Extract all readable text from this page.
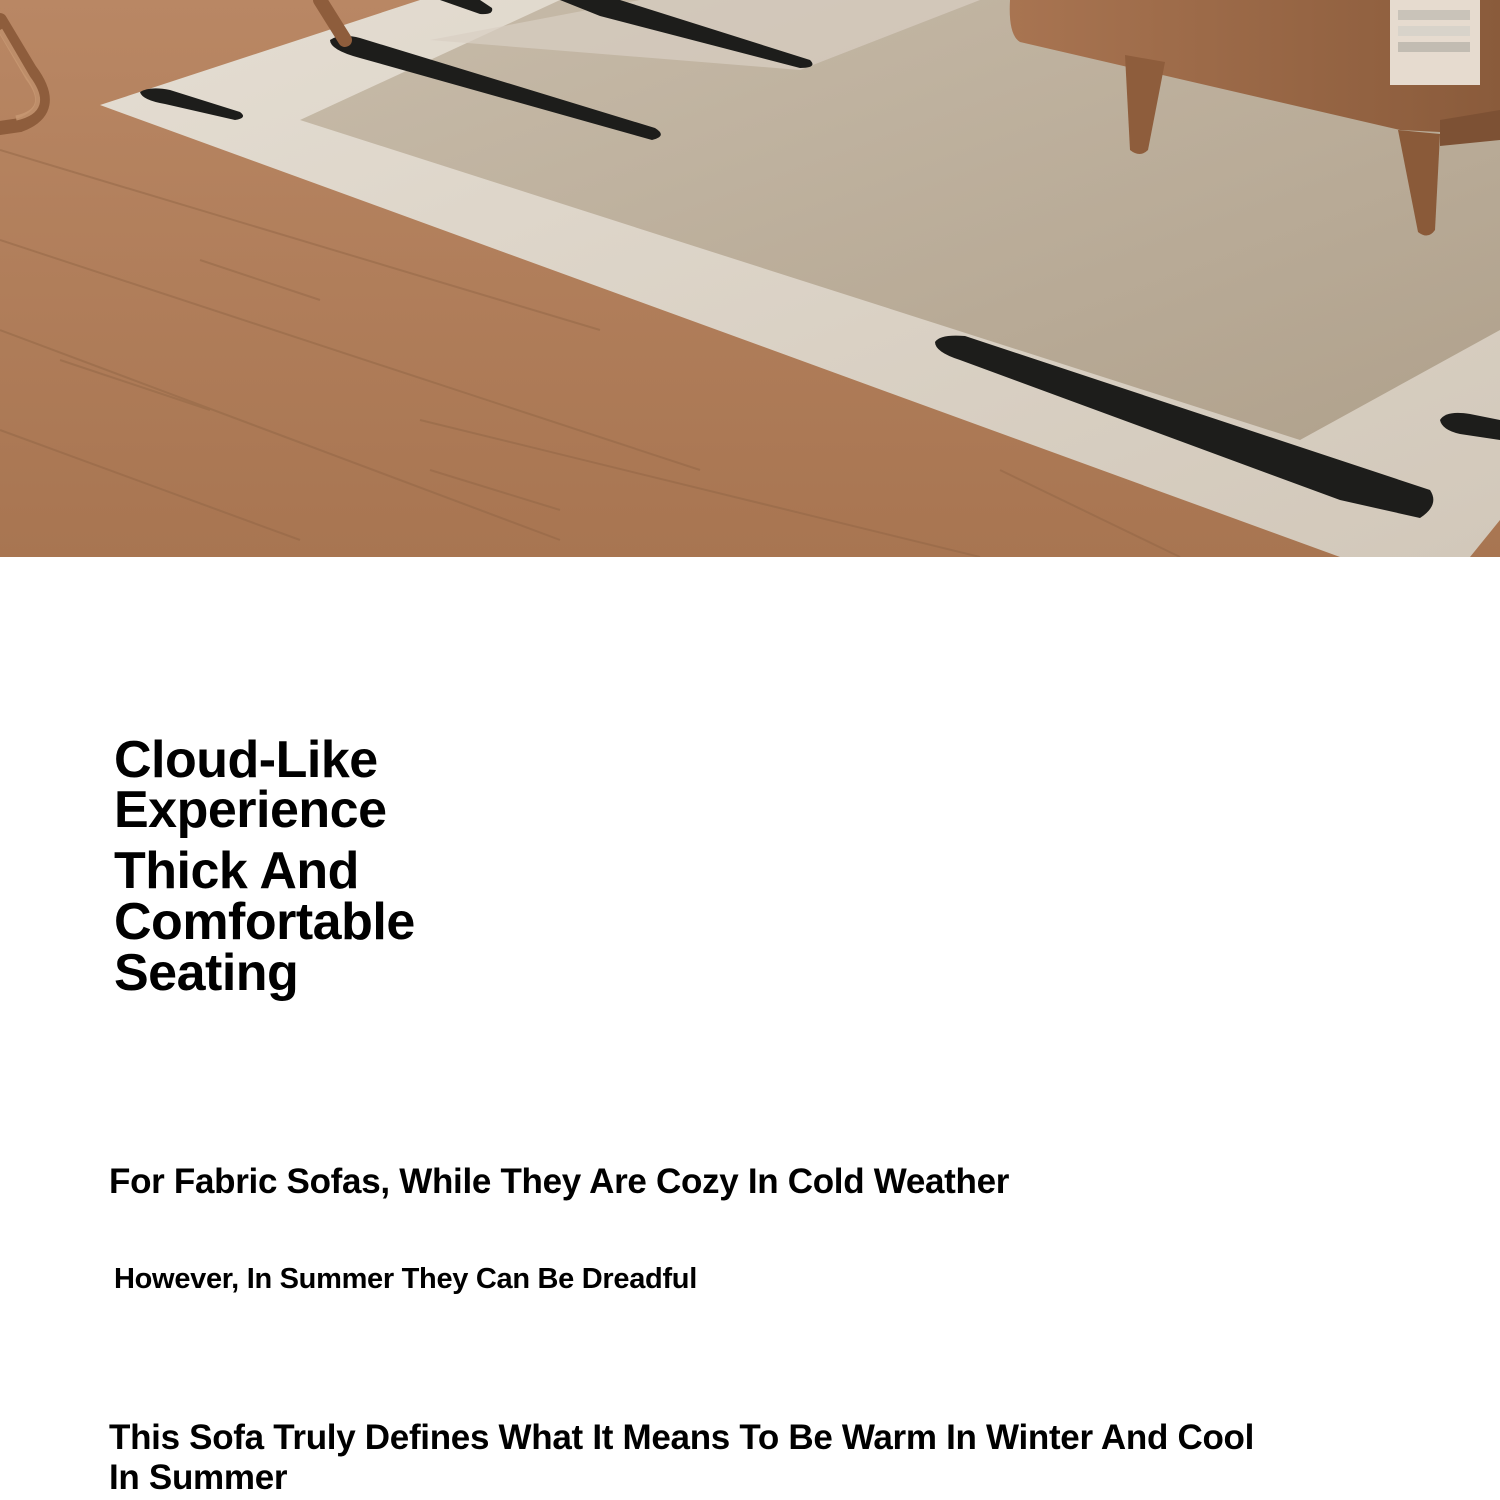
Cloud-Like
Experience
Thick And
Comfortable
Seating

For Fabric Sofas, While They Are Cozy In Cold Weather

However, In Summer They Can Be Dreadful

This Sofa Truly Defines What It Means To Be Warm In Winter And Cool In Summer
